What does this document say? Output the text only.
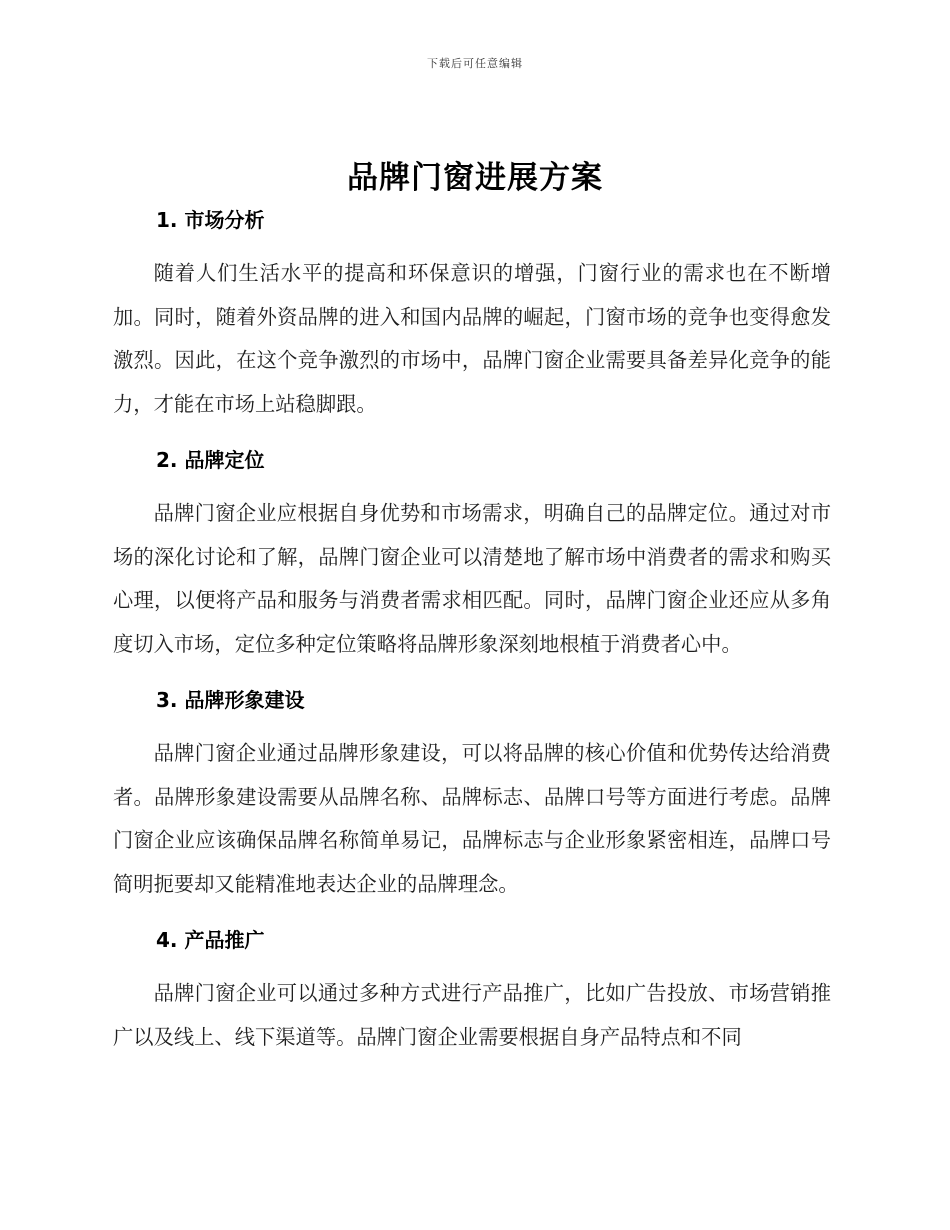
下载后可任意编辑
品牌门窗进展方案
1. 市场分析

随着人们生活水平的提高和环保意识的增强，门窗行业的需求也在不断增加。同时，随着外资品牌的进入和国内品牌的崛起，门窗市场的竞争也变得愈发激烈。因此，在这个竞争激烈的市场中，品牌门窗企业需要具备差异化竞争的能力，才能在市场上站稳脚跟。

2. 品牌定位

品牌门窗企业应根据自身优势和市场需求，明确自己的品牌定位。通过对市场的深化讨论和了解，品牌门窗企业可以清楚地了解市场中消费者的需求和购买心理，以便将产品和服务与消费者需求相匹配。同时，品牌门窗企业还应从多角度切入市场，定位多种定位策略将品牌形象深刻地根植于消费者心中。

3. 品牌形象建设

品牌门窗企业通过品牌形象建设，可以将品牌的核心价值和优势传达给消费者。品牌形象建设需要从品牌名称、品牌标志、品牌口号等方面进行考虑。品牌门窗企业应该确保品牌名称简单易记，品牌标志与企业形象紧密相连，品牌口号简明扼要却又能精准地表达企业的品牌理念。

4. 产品推广

品牌门窗企业可以通过多种方式进行产品推广，比如广告投放、市场营销推广以及线上、线下渠道等。品牌门窗企业需要根据自身产品特点和不同
